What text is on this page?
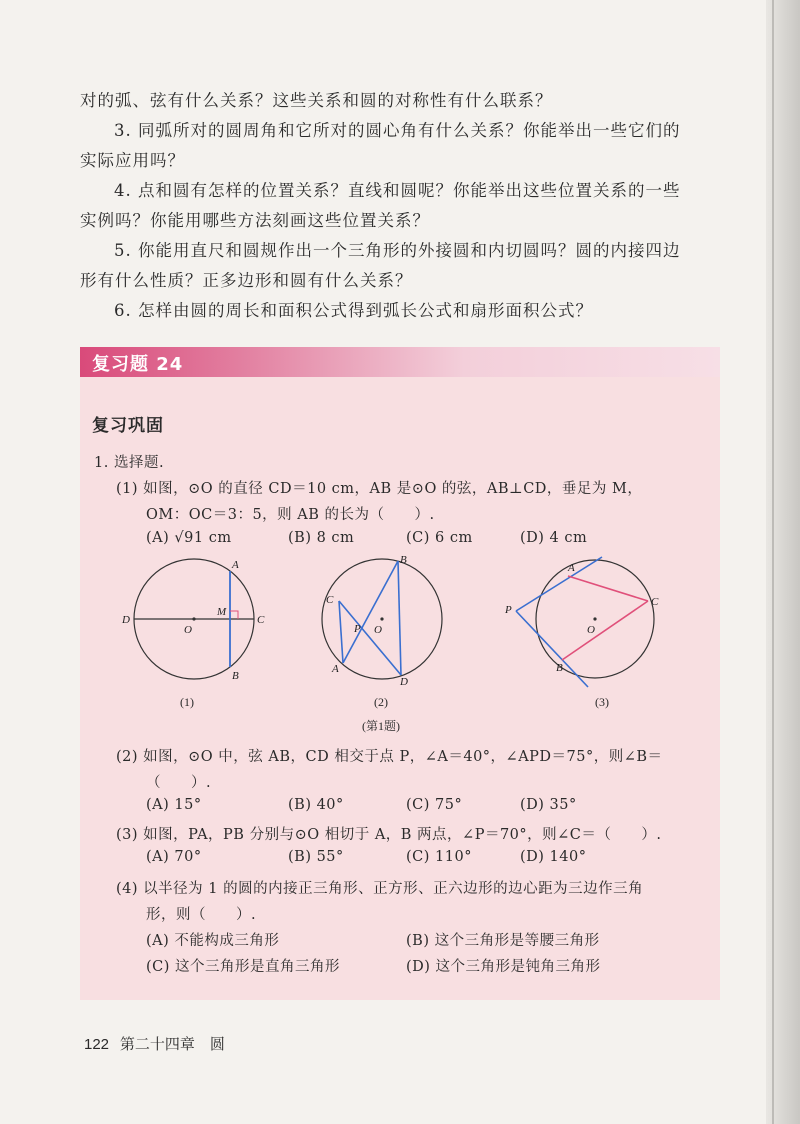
对的弧、弦有什么关系？这些关系和圆的对称性有什么联系？

3. 同弧所对的圆周角和它所对的圆心角有什么关系？你能举出一些它们的

实际应用吗？

4. 点和圆有怎样的位置关系？直线和圆呢？你能举出这些位置关系的一些

实例吗？你能用哪些方法刻画这些位置关系？

5. 你能用直尺和圆规作出一个三角形的外接圆和内切圆吗？圆的内接四边

形有什么性质？正多边形和圆有什么关系？

6. 怎样由圆的周长和面积公式得到弧长公式和扇形面积公式？

复习题 24
复习巩固
1. 选择题.
(1) 如图，⊙O 的直径 CD＝10 cm，AB 是⊙O 的弦，AB⊥CD，垂足为 M，
OM：OC＝3：5，则 AB 的长为（　　）.
(A) √91 cm	(B) 8 cm	(C) 6 cm	(D) 4 cm
A
B
C
D
M
O
(1)
B
C
A
D
P O
(2)
A
B
C
P
O
(3)
(第1题)
(2) 如图，⊙O 中，弦 AB，CD 相交于点 P，∠A＝40°，∠APD＝75°，则∠B＝
（　　）.
(A) 15°	(B) 40°	(C) 75°	(D) 35°
(3) 如图，PA，PB 分别与⊙O 相切于 A，B 两点，∠P＝70°，则∠C＝（　　）.
(A) 70°	(B) 55°	(C) 110°	(D) 140°
(4) 以半径为 1 的圆的内接正三角形、正方形、正六边形的边心距为三边作三角
形，则（　　）.
(A) 不能构成三角形	(B) 这个三角形是等腰三角形
(C) 这个三角形是直角三角形	(D) 这个三角形是钝角三角形
122 第二十四章　圆
